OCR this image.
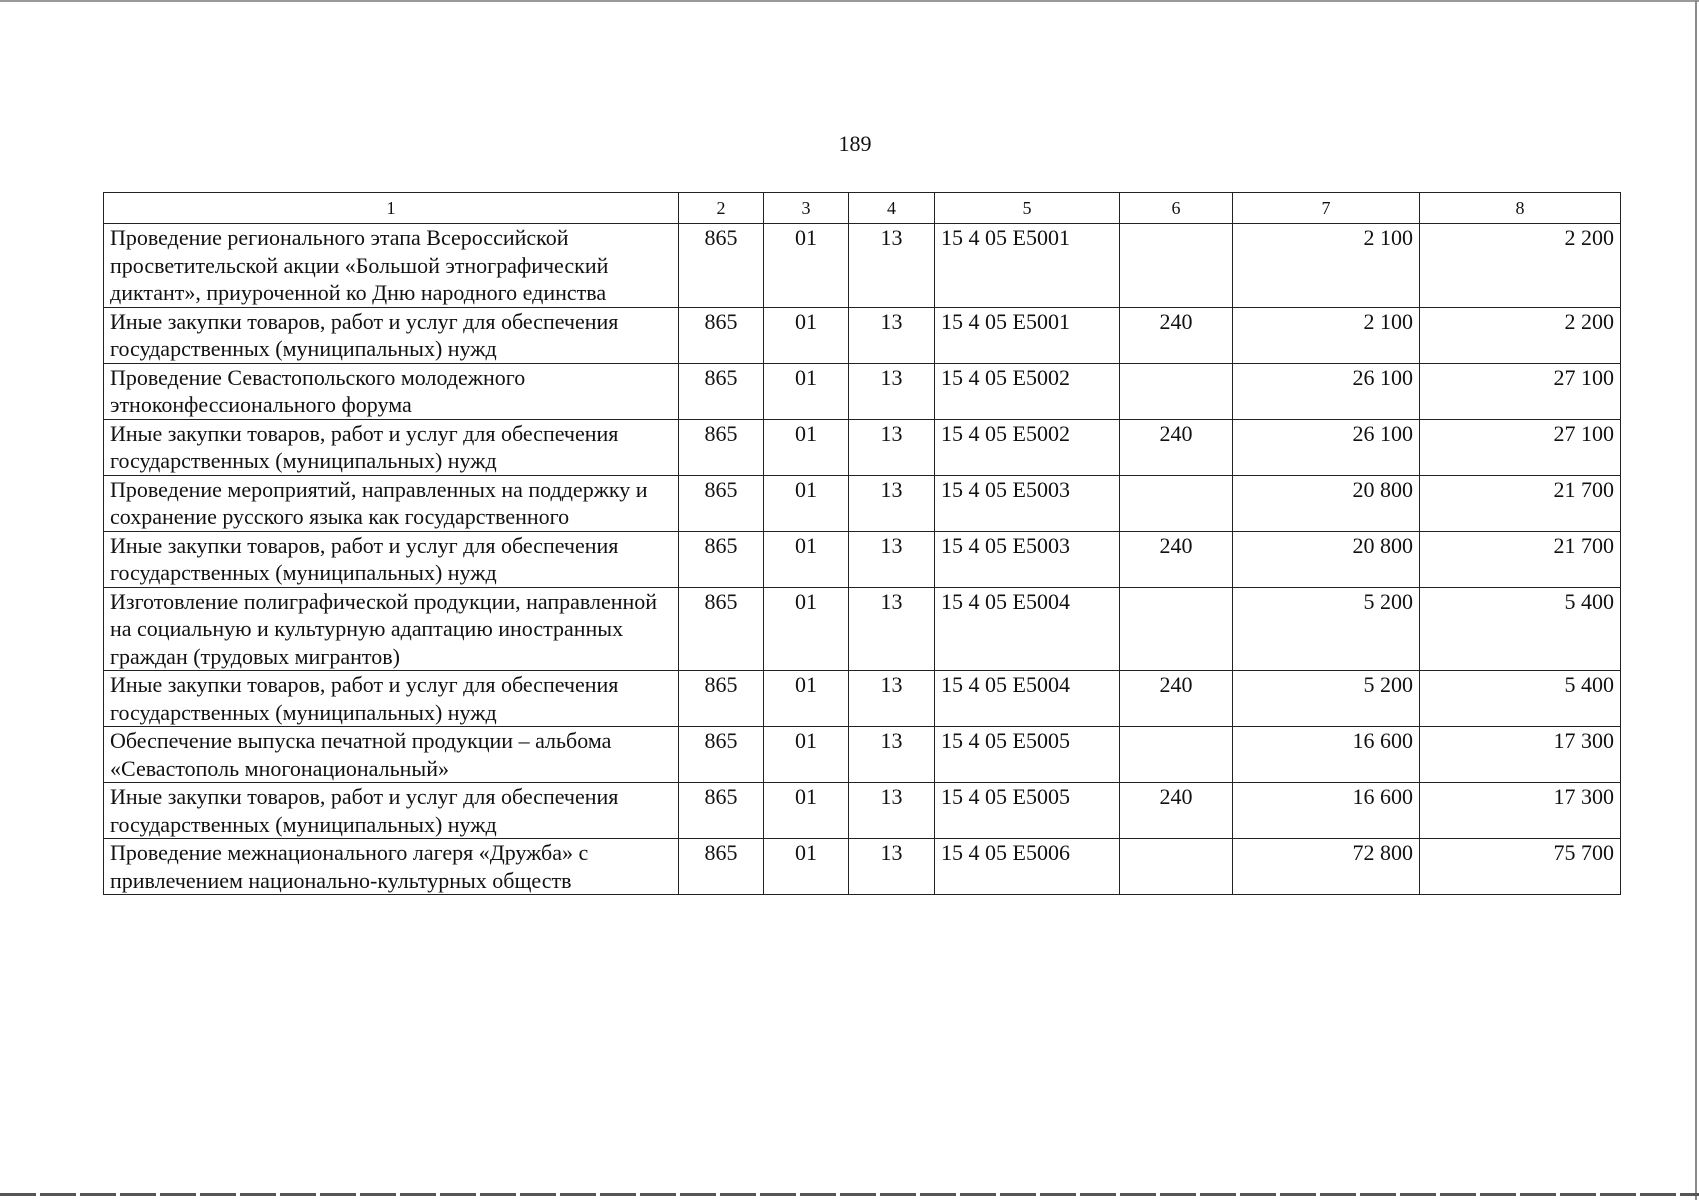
189
1	2	3	4	5	6	7	8
Проведение регионального этапа Всероссийской просветительской акции «Большой этнографический диктант», приуроченной ко Дню народного единства	865	01	13	15 4 05 E5001		2 100	2 200
Иные закупки товаров, работ и услуг для обеспечения государственных (муниципальных) нужд	865	01	13	15 4 05 E5001	240	2 100	2 200
Проведение Севастопольского молодежного этноконфессионального форума	865	01	13	15 4 05 E5002		26 100	27 100
Иные закупки товаров, работ и услуг для обеспечения государственных (муниципальных) нужд	865	01	13	15 4 05 E5002	240	26 100	27 100
Проведение мероприятий, направленных на поддержку и сохранение русского языка как государственного	865	01	13	15 4 05 E5003		20 800	21 700
Иные закупки товаров, работ и услуг для обеспечения государственных (муниципальных) нужд	865	01	13	15 4 05 E5003	240	20 800	21 700
Изготовление полиграфической продукции, направленной на социальную и культурную адаптацию иностранных граждан (трудовых мигрантов)	865	01	13	15 4 05 E5004		5 200	5 400
Иные закупки товаров, работ и услуг для обеспечения государственных (муниципальных) нужд	865	01	13	15 4 05 E5004	240	5 200	5 400
Обеспечение выпуска печатной продукции – альбома «Севастополь многонациональный»	865	01	13	15 4 05 E5005		16 600	17 300
Иные закупки товаров, работ и услуг для обеспечения государственных (муниципальных) нужд	865	01	13	15 4 05 E5005	240	16 600	17 300
Проведение межнационального лагеря «Дружба» с привлечением национально-культурных обществ	865	01	13	15 4 05 E5006		72 800	75 700
